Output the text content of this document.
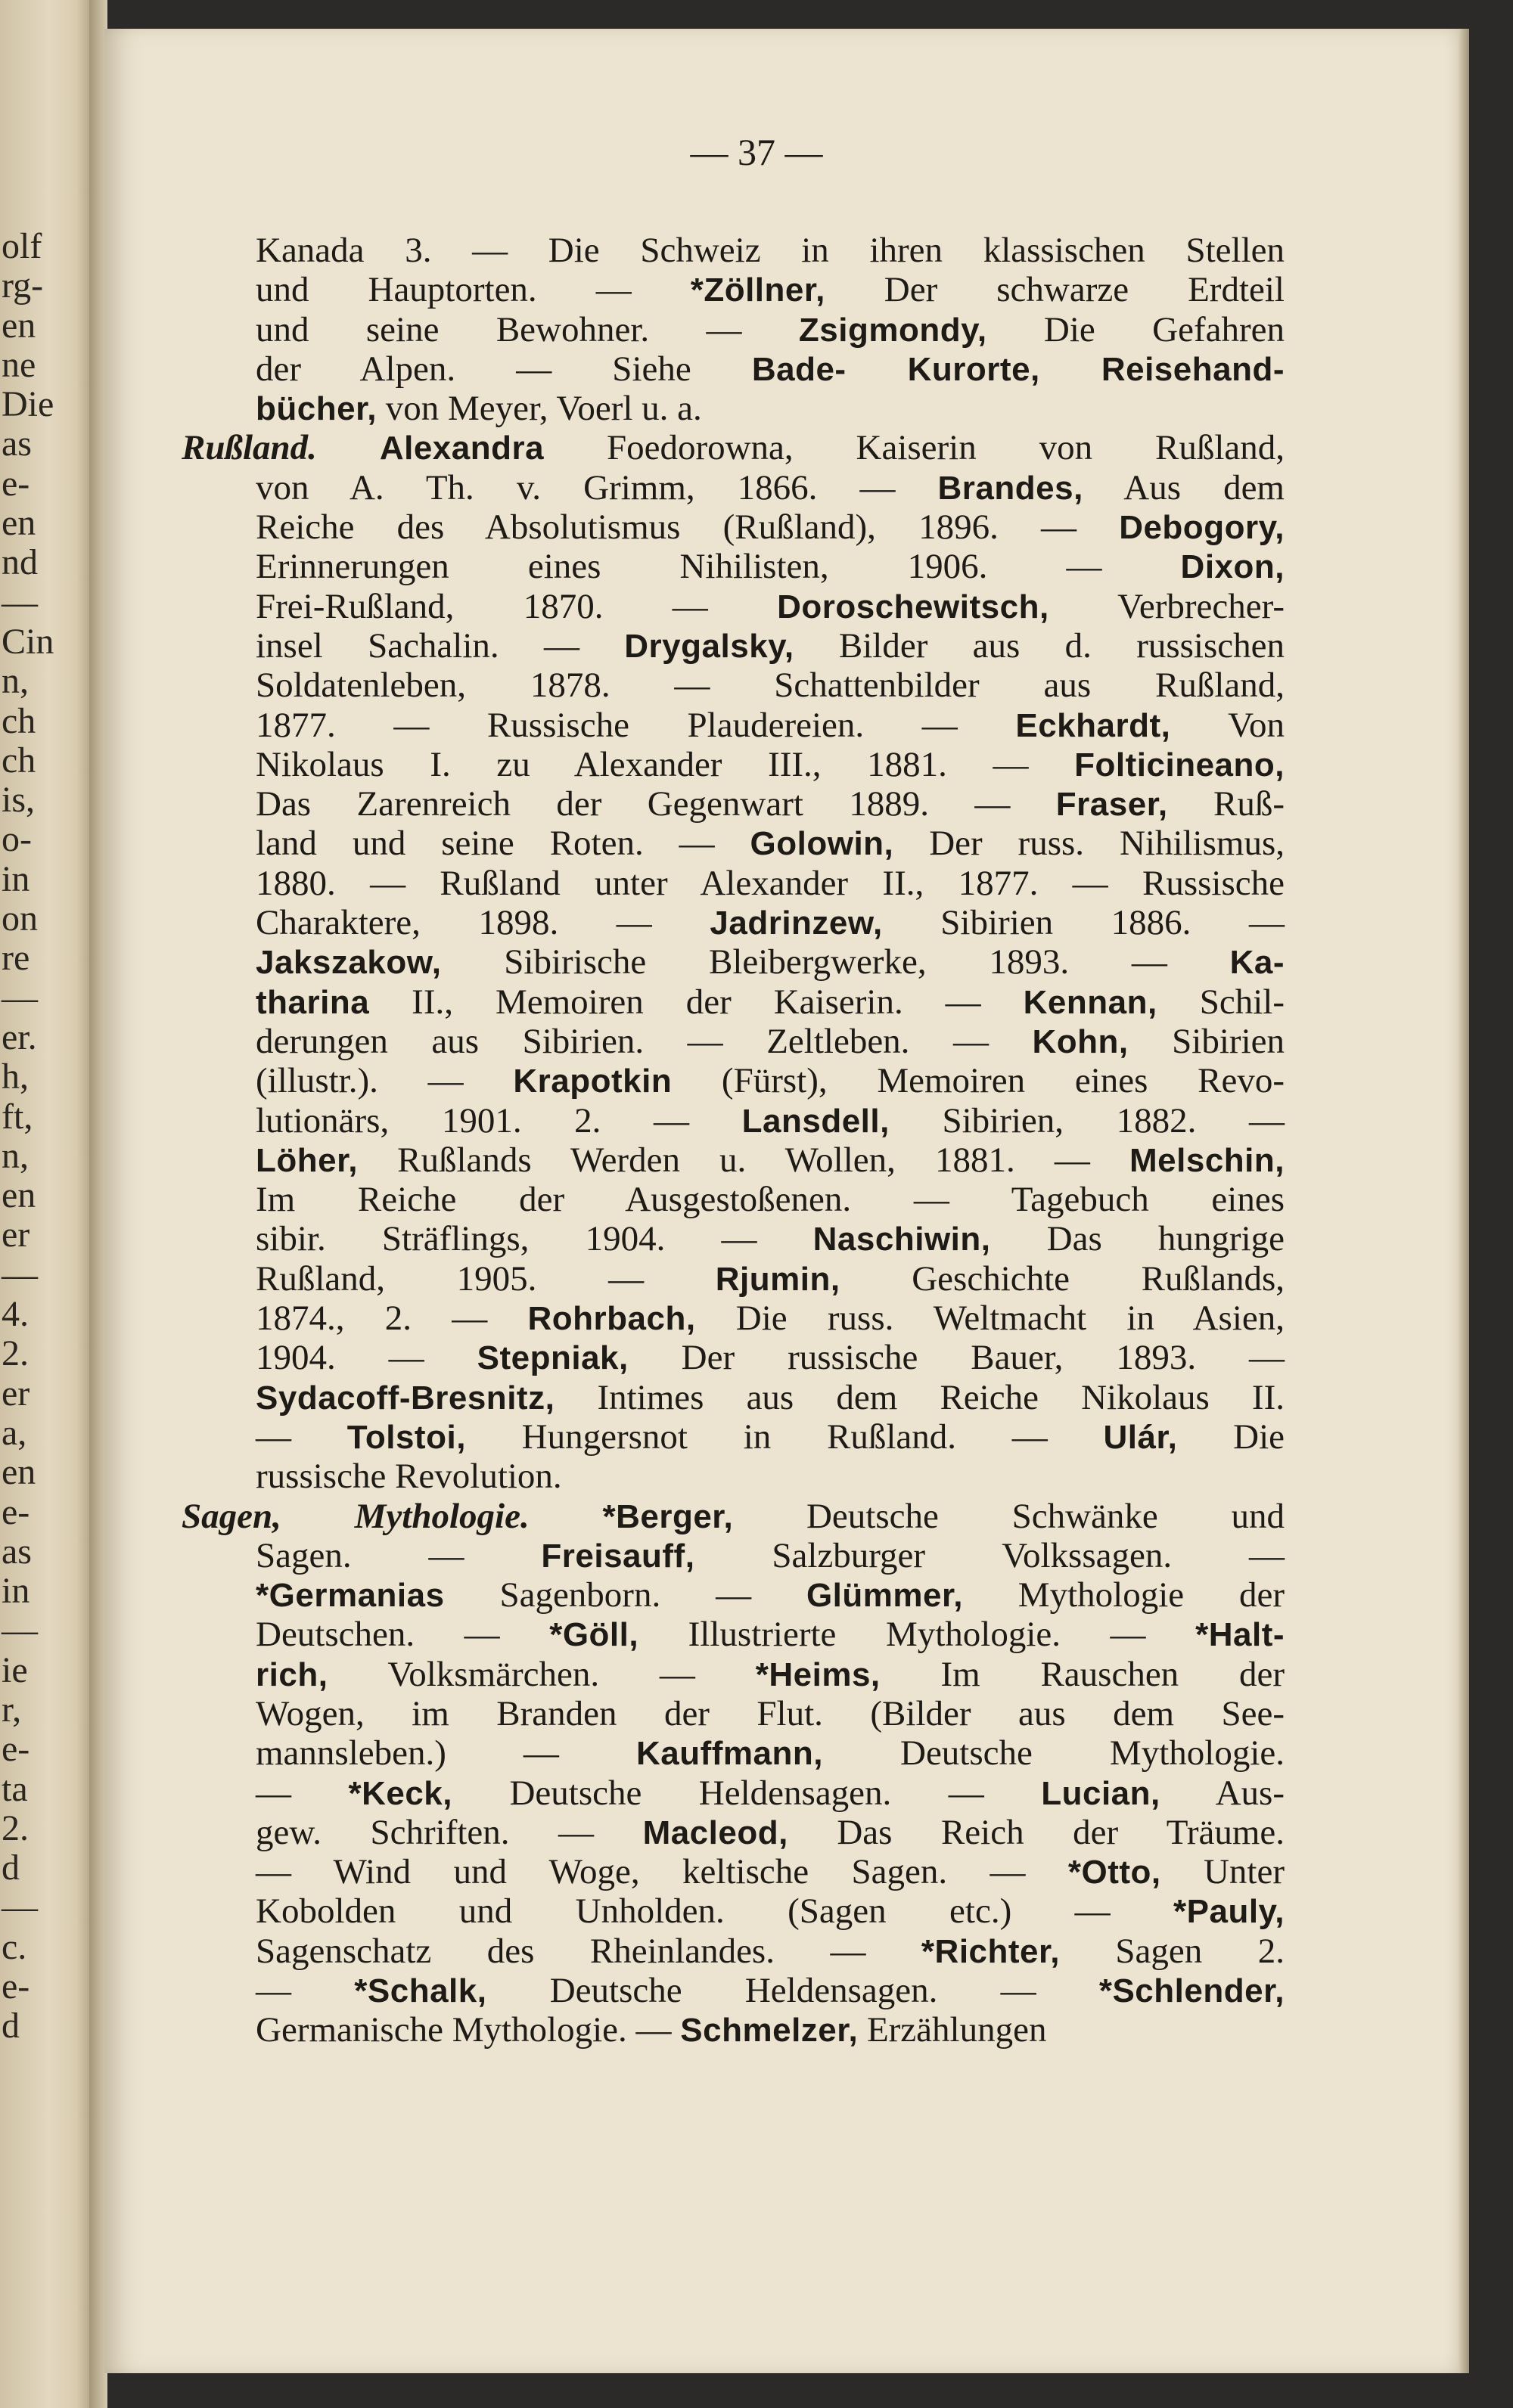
olf
rg-
en
ne
Die
as
e-
en
nd
—
Cin
n,
ch
ch
is,
o-
in
on
re
—
er.
h,
ft,
n,
en
er
—
4.
2.
er
a,
en
e-
as
in
—
ie
r,
e-
ta
2.
d
—
c.
e-
d
— 37 —
Kanada 3. — Die Schweiz in ihren klassischen Stellen
und Hauptorten. — *Zöllner, Der schwarze Erdteil
und seine Bewohner. — Zsigmondy, Die Gefahren
der Alpen. — Siehe Bade- Kurorte, Reisehand-
bücher, von Meyer, Voerl u. a.
Rußland. Alexandra Foedorowna, Kaiserin von Rußland,
von A. Th. v. Grimm, 1866. — Brandes, Aus dem
Reiche des Absolutismus (Rußland), 1896. — Debogory,
Erinnerungen eines Nihilisten, 1906. — Dixon,
Frei-Rußland, 1870. — Doroschewitsch, Verbrecher-
insel Sachalin. — Drygalsky, Bilder aus d. russischen
Soldatenleben, 1878. — Schattenbilder aus Rußland,
1877. — Russische Plaudereien. — Eckhardt, Von
Nikolaus I. zu Alexander III., 1881. — Folticineano,
Das Zarenreich der Gegenwart 1889. — Fraser, Ruß-
land und seine Roten. — Golowin, Der russ. Nihilismus,
1880. — Rußland unter Alexander II., 1877. — Russische
Charaktere, 1898. — Jadrinzew, Sibirien 1886. —
Jakszakow, Sibirische Bleibergwerke, 1893. — Ka-
tharina II., Memoiren der Kaiserin. — Kennan, Schil-
derungen aus Sibirien. — Zeltleben. — Kohn, Sibirien
(illustr.). — Krapotkin (Fürst), Memoiren eines Revo-
lutionärs, 1901. 2. — Lansdell, Sibirien, 1882. —
Löher, Rußlands Werden u. Wollen, 1881. — Melschin,
Im Reiche der Ausgestoßenen. — Tagebuch eines
sibir. Sträflings, 1904. — Naschiwin, Das hungrige
Rußland, 1905. — Rjumin, Geschichte Rußlands,
1874., 2. — Rohrbach, Die russ. Weltmacht in Asien,
1904. — Stepniak, Der russische Bauer, 1893. —
Sydacoff-Bresnitz, Intimes aus dem Reiche Nikolaus II.
— Tolstoi, Hungersnot in Rußland. — Ulár, Die
russische Revolution.
Sagen, Mythologie. *Berger, Deutsche Schwänke und
Sagen. — Freisauff, Salzburger Volkssagen. —
*Germanias Sagenborn. — Glümmer, Mythologie der
Deutschen. — *Göll, Illustrierte Mythologie. — *Halt-
rich, Volksmärchen. — *Heims, Im Rauschen der
Wogen, im Branden der Flut. (Bilder aus dem See-
mannsleben.) — Kauffmann, Deutsche Mythologie.
— *Keck, Deutsche Heldensagen. — Lucian, Aus-
gew. Schriften. — Macleod, Das Reich der Träume.
— Wind und Woge, keltische Sagen. — *Otto, Unter
Kobolden und Unholden. (Sagen etc.) — *Pauly,
Sagenschatz des Rheinlandes. — *Richter, Sagen 2.
— *Schalk, Deutsche Heldensagen. — *Schlender,
Germanische Mythologie. — Schmelzer, Erzählungen
